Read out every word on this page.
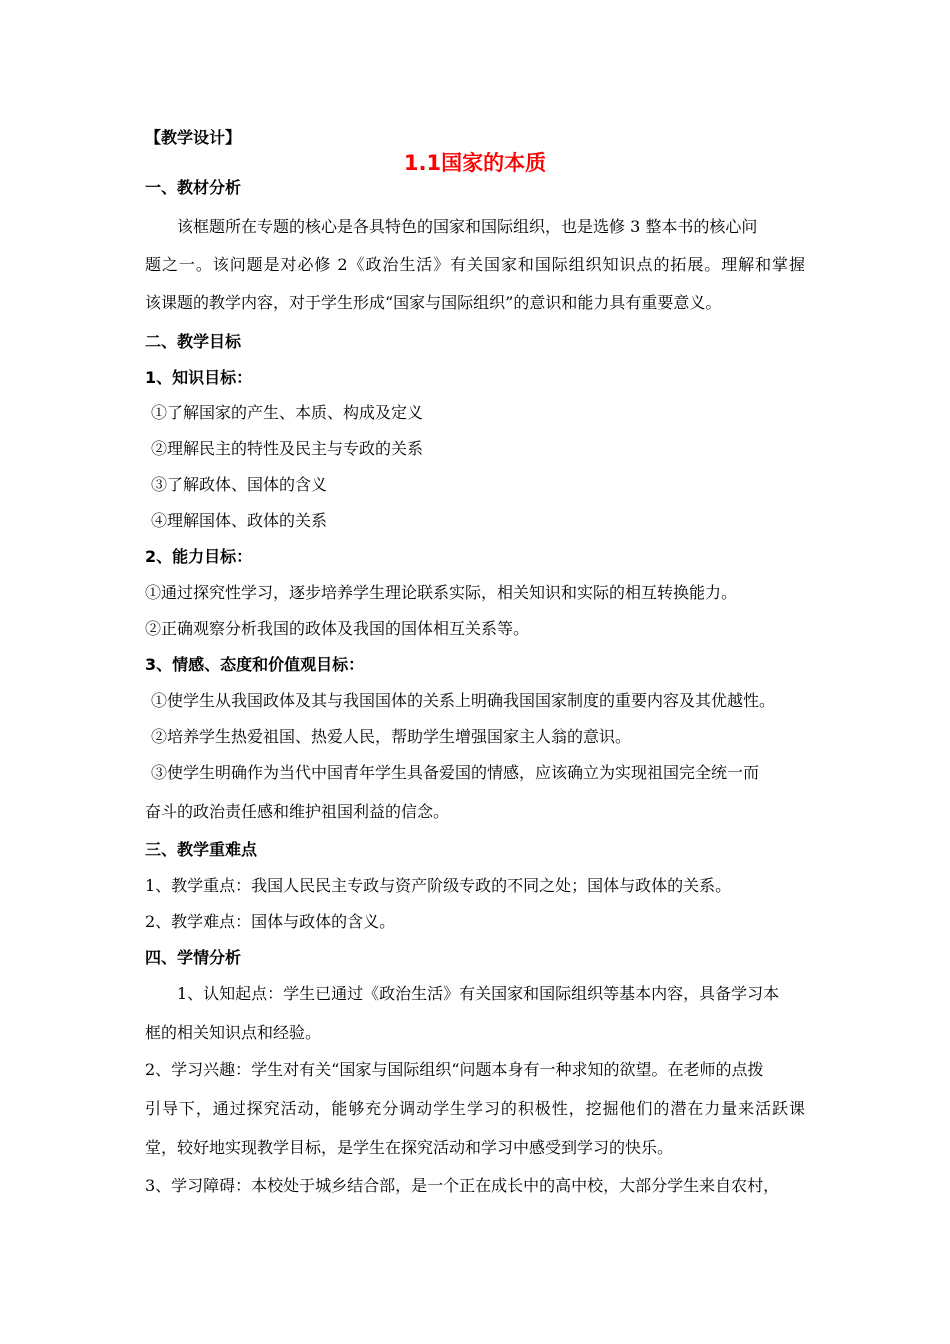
【教学设计】
1.1国家的本质
一、教材分析
该框题所在专题的核心是各具特色的国家和国际组织，也是选修 3 整本书的核心问
题之一。该问题是对必修 2《政治生活》有关国家和国际组织知识点的拓展。理解和掌握
该课题的教学内容，对于学生形成“国家与国际组织”的意识和能力具有重要意义。
二、教学目标
1、知识目标：
①了解国家的产生、本质、构成及定义
②理解民主的特性及民主与专政的关系
③了解政体、国体的含义
④理解国体、政体的关系
2、能力目标：
①通过探究性学习，逐步培养学生理论联系实际，相关知识和实际的相互转换能力。
②正确观察分析我国的政体及我国的国体相互关系等。
3、情感、态度和价值观目标：
①使学生从我国政体及其与我国国体的关系上明确我国国家制度的重要内容及其优越性。
②培养学生热爱祖国、热爱人民，帮助学生增强国家主人翁的意识。
③使学生明确作为当代中国青年学生具备爱国的情感，应该确立为实现祖国完全统一而
奋斗的政治责任感和维护祖国利益的信念。
三、教学重难点
1、教学重点：我国人民民主专政与资产阶级专政的不同之处；国体与政体的关系。
2、教学难点：国体与政体的含义。
四、学情分析
1、认知起点：学生已通过《政治生活》有关国家和国际组织等基本内容，具备学习本
框的相关知识点和经验。
2、学习兴趣：学生对有关“国家与国际组织“问题本身有一种求知的欲望。在老师的点拨
引导下，通过探究活动，能够充分调动学生学习的积极性，挖掘他们的潜在力量来活跃课
堂，较好地实现教学目标，是学生在探究活动和学习中感受到学习的快乐。
3、学习障碍：本校处于城乡结合部，是一个正在成长中的高中校，大部分学生来自农村，
